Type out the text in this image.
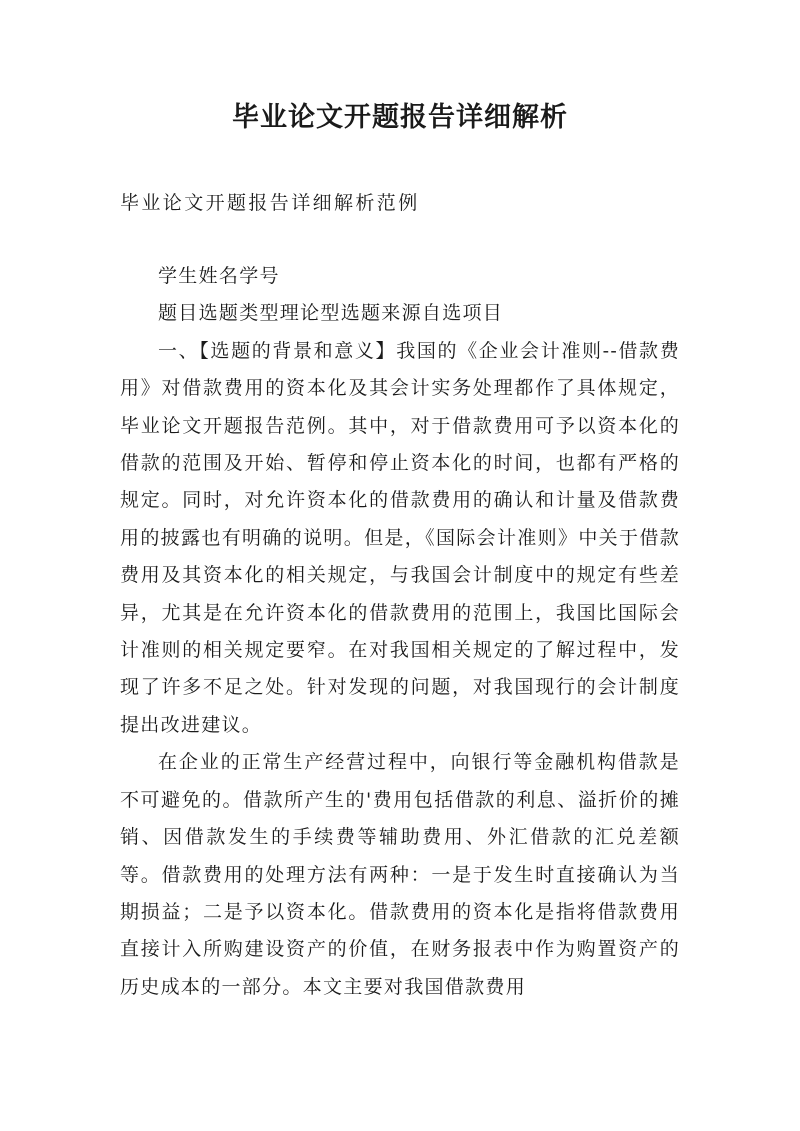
毕业论文开题报告详细解析
毕业论文开题报告详细解析范例

学生姓名学号

题目选题类型理论型选题来源自选项目

一、【选题的背景和意义】我国的《企业会计准则--借款费用》对借款费用的资本化及其会计实务处理都作了具体规定，毕业论文开题报告范例。其中，对于借款费用可予以资本化的借款的范围及开始、暂停和停止资本化的时间，也都有严格的规定。同时，对允许资本化的借款费用的确认和计量及借款费用的披露也有明确的说明。但是，《国际会计准则》中关于借款费用及其资本化的相关规定，与我国会计制度中的规定有些差异，尤其是在允许资本化的借款费用的范围上，我国比国际会计准则的相关规定要窄。在对我国相关规定的了解过程中，发现了许多不足之处。针对发现的问题，对我国现行的会计制度提出改进建议。

在企业的正常生产经营过程中，向银行等金融机构借款是不可避免的。借款所产生的'费用包括借款的利息、溢折价的摊销、因借款发生的手续费等辅助费用、外汇借款的汇兑差额等。借款费用的处理方法有两种：一是于发生时直接确认为当期损益；二是予以资本化。借款费用的资本化是指将借款费用直接计入所购建设资产的价值，在财务报表中作为购置资产的历史成本的一部分。本文主要对我国借款费用
